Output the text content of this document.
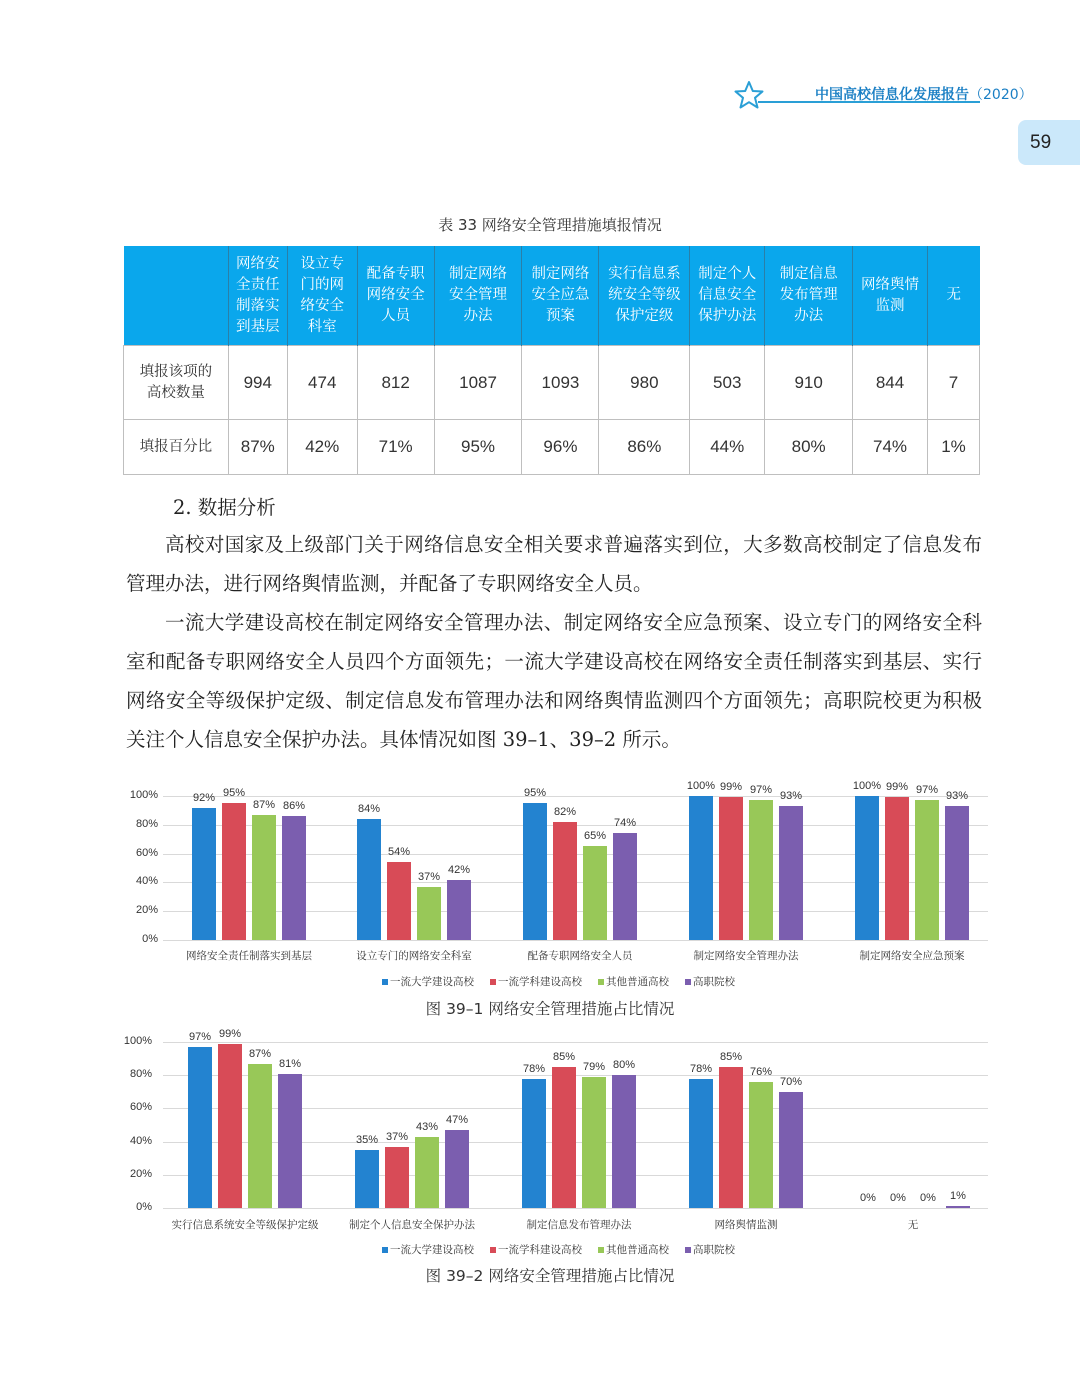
中国高校信息化发展报告（2020）
59
表 33 网络安全管理措施填报情况
	网络安
全责任
制落实
到基层	设立专
门的网
络安全
科室	配备专职
网络安全
人员	制定网络
安全管理
办法	制定网络
安全应急
预案	实行信息系
统安全等级
保护定级	制定个人
信息安全
保护办法	制定信息
发布管理
办法	网络舆情
监测	无
填报该项的
高校数量	994	474	812	1087	1093	980	503	910	844	7
填报百分比	87%	42%	71%	95%	96%	86%	44%	80%	74%	1%
2. 数据分析
高校对国家及上级部门关于网络信息安全相关要求普遍落实到位，大多数高校制定了信息发布管理办法，进行网络舆情监测，并配备了专职网络安全人员。
一流大学建设高校在制定网络安全管理办法、制定网络安全应急预案、设立专门的网络安全科室和配备专职网络安全人员四个方面领先；一流大学建设高校在网络安全责任制落实到基层、实行网络安全等级保护定级、制定信息发布管理办法和网络舆情监测四个方面领先；高职院校更为积极关注个人信息安全保护办法。具体情况如图 39–1、39–2 所示。
0%
20%
40%
60%
80%
100%	92% 95%
87% 86%
网络安全责任制落实到基层
84%
54%
37%
42%
设立专门的网络安全科室
95%
82%
65%
74%
配备专职网络安全人员
100% 99% 97% 93%
制定网络安全管理办法
100% 99% 97% 93%
制定网络安全应急预案
一流大学建设高校	一流学科建设高校	其他普通高校	高职院校
图 39–1 网络安全管理措施占比情况
0%
20%
40%
60%
80%
100%	97% 99%
87%
81%
实行信息系统安全等级保护定级
35% 37%
43%
47%
制定个人信息安全保护办法
78%
85%
79% 80%
制定信息发布管理办法
78%
85%
76%
70%
网络舆情监测
0%	0%	0%	1%
无
一流大学建设高校	一流学科建设高校	其他普通高校	高职院校
图 39–2 网络安全管理措施占比情况
